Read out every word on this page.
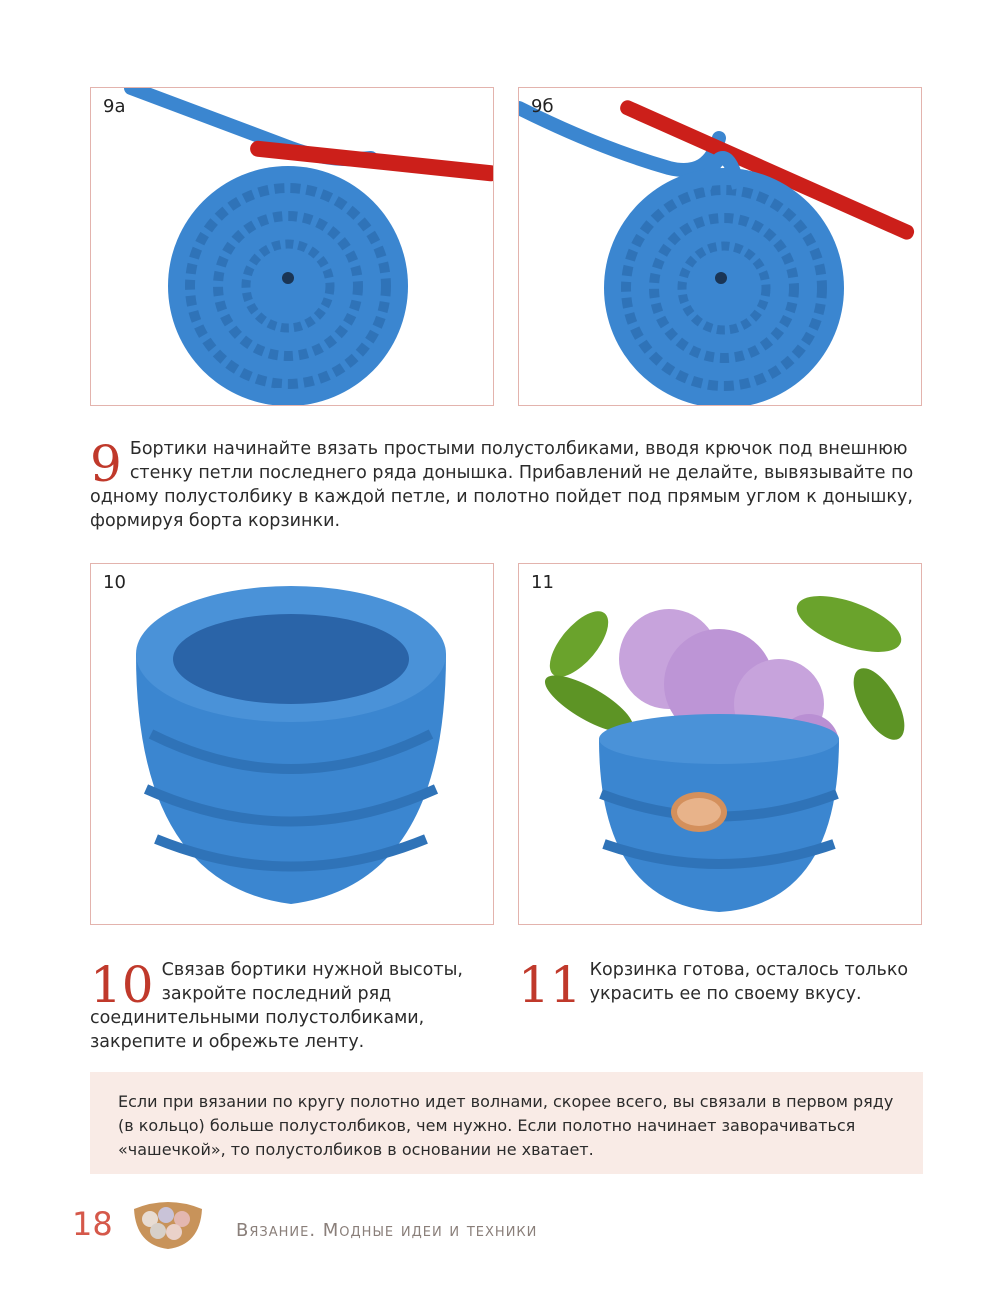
9а	9б
9 Бортики начинайте вязать простыми полустолбиками, вводя крючок под внешнюю стенку петли последнего ряда донышка. Прибавлений не делайте, вывязывайте по одному полустолбику в каждой петле, и полотно пойдет под прямым углом к донышку, формируя борта корзинки.
10	11
10 Связав бортики нужной высоты, закройте последний ряд соединительными полустолбиками, закрепите и обрежьте ленту.
11 Корзинка готова, осталось только украсить ее по своему вкусу.
Если при вязании по кругу полотно идет волнами, скорее всего, вы связали в первом ряду (в кольцо) больше полустолбиков, чем нужно. Если полотно начинает заворачиваться «чашечкой», то полустолбиков в основании не хватает.
18	Вязание. Модные идеи и техники
